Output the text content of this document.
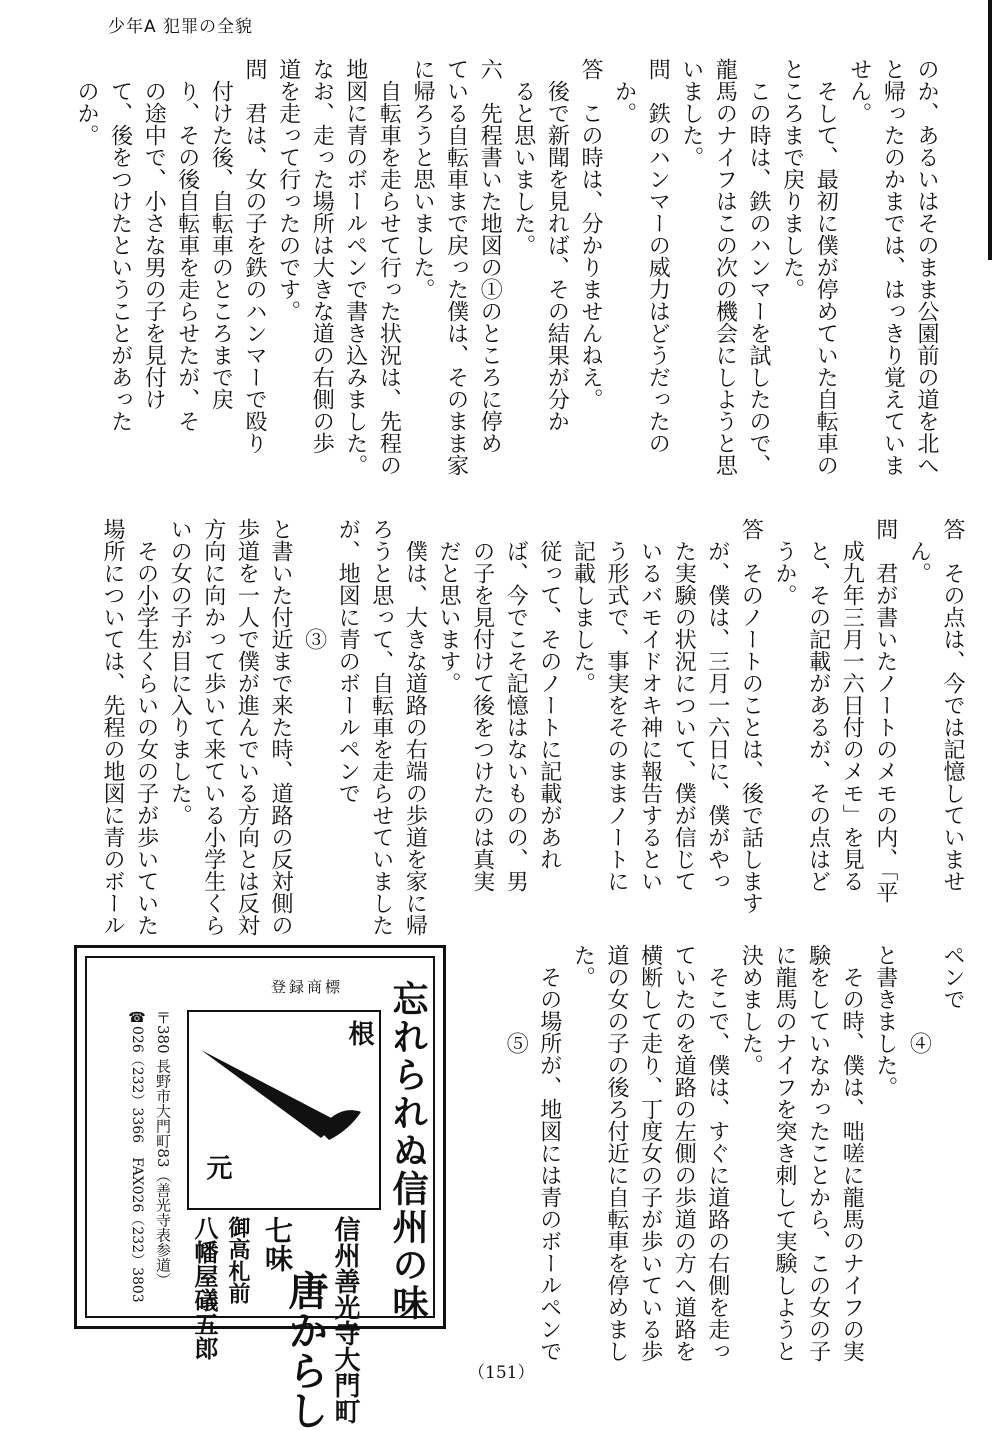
少年A 犯罪の全貌
のか、あるいはそのまま公園前の道を北へ
と帰ったのかまでは、はっきり覚えていま
せん。
　そして、最初に僕が停めていた自転車の
ところまで戻りました。
　この時は、鉄のハンマーを試したので、
龍馬のナイフはこの次の機会にしようと思
いました。
問　鉄のハンマーの威力はどうだったの
　か。
答　この時は、分かりませんねえ。
　後で新聞を見れば、その結果が分か
　ると思いました。
六　先程書いた地図の①のところに停め
ている自転車まで戻った僕は、そのまま家
に帰ろうと思いました。
　自転車を走らせて行った状況は、先程の
地図に青のボールペンで書き込みました。
なお、走った場所は大きな道の右側の歩
道を走って行ったのです。
問　君は、女の子を鉄のハンマーで殴り
　付けた後、自転車のところまで戻
　り、その後自転車を走らせたが、そ
　の途中で、小さな男の子を見付け
　て、後をつけたということがあった
　のか。
答　その点は、今では記憶していませ
　ん。
問　君が書いたノートのメモの内、「平
　成九年三月一六日付のメモ」を見る
　と、その記載があるが、その点はど
　うか。
答　そのノートのことは、後で話します
　が、僕は、三月一六日に、僕がやっ
　た実験の状況について、僕が信じて
　いるバモイドオキ神に報告するとい
　う形式で、事実をそのままノートに
　記載しました。
　従って、そのノートに記載があれ
　ば、今でこそ記憶はないものの、男
　の子を見付けて後をつけたのは真実
　だと思います。
　僕は、大きな道路の右端の歩道を家に帰
ろうと思って、自転車を走らせていました
が、地図に青のボールペンで
　　　　　③
と書いた付近まで来た時、道路の反対側の
歩道を一人で僕が進んでいる方向とは反対
方向に向かって歩いて来ている小学生くら
いの女の子が目に入りました。
　その小学生くらいの女の子が歩いていた
場所については、先程の地図に青のボール
ペンで
　　　　④
と書きました。
　その時、僕は、咄嗟に龍馬のナイフの実
験をしていなかったことから、この女の子
に龍馬のナイフを突き刺して実験しようと
決めました。
　そこで、僕は、すぐに道路の右側を走っ
ていたのを道路の左側の歩道の方へ道路を
横断して走り、丁度女の子が歩いている歩
道の女の子の後ろ付近に自転車を停めまし
た。
　その場所が、地図には青のボールペンで
　　　　⑤
登録商標 忘れられぬ信州の味
根
元
信州善光寺大門町
七味
唐からし
御高札前
八幡屋礒五郎
〒380 長野市大門町83（善光寺表参道）
☎026（232）3366　FAX026（232）3803
（151）
